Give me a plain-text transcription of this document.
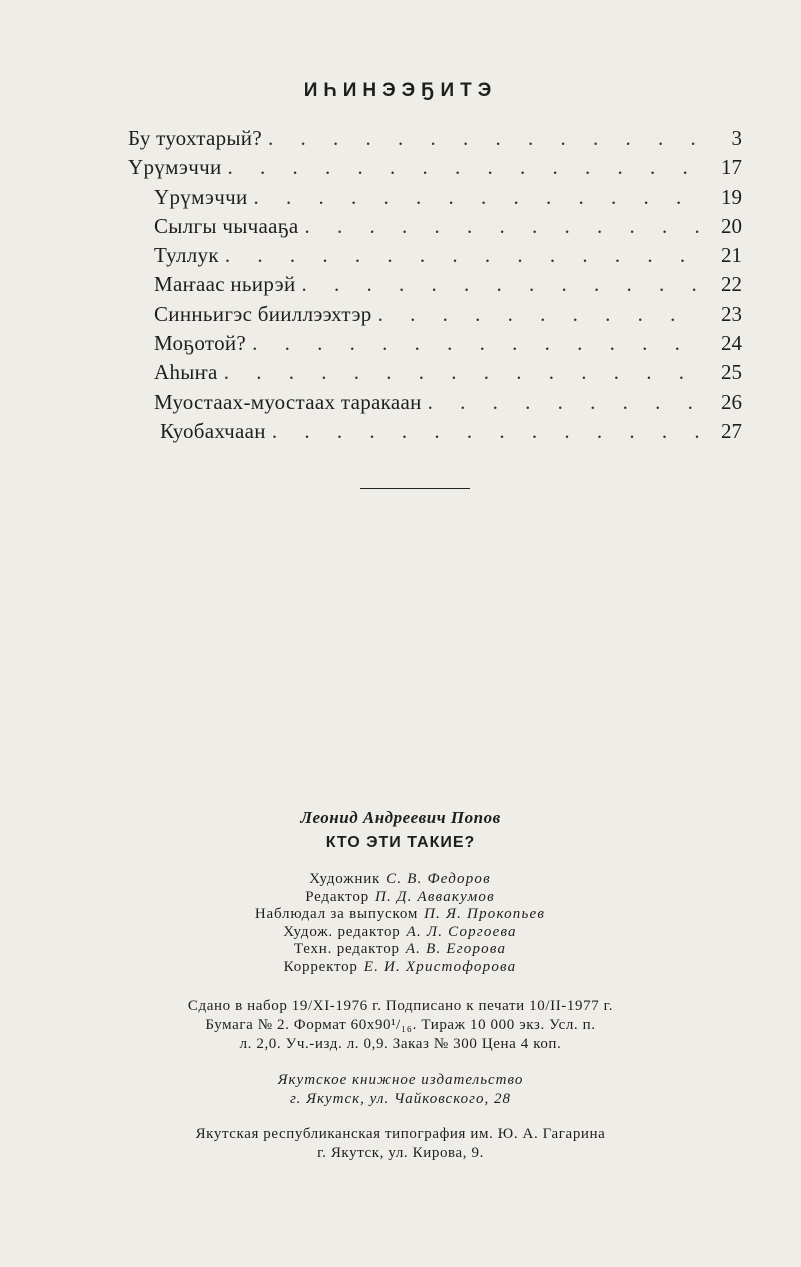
ИҺИНЭЭҔИТЭ
Бу туохтарый? . . .	3
Үрүмэччи . . .	17
Үрүмэччи . . .	19
Сылгы чычааҕа . . .	20
Туллук . . .	21
Маҥаас ньирэй . . .	22
Синньигэс бииллээхтэр . . .	23
Моҕотой? . . .	24
Аһыҥа . . .	25
Муостаах-муостаах таракаан . . .	26
Куобахчаан . . .	27
Леонид Андреевич Попов
КТО ЭТИ ТАКИЕ?
Художник С. В. Федоров
Редактор П. Д. Аввакумов
Наблюдал за выпуском П. Я. Прокопьев
Худож. редактор А. Л. Соргоева
Техн. редактор А. В. Егорова
Корректор Е. И. Христофорова
Сдано в набор 19/XI-1976 г. Подписано к печати 10/II-1977 г.
Бумага № 2. Формат 60х90¹/₁₆. Тираж 10 000 экз. Усл. п.
л. 2,0. Уч.-изд. л. 0,9. Заказ № 300 Цена 4 коп.
Якутское книжное издательство
г. Якутск, ул. Чайковского, 28
Якутская республиканская типография им. Ю. А. Гагарина
г. Якутск, ул. Кирова, 9.
